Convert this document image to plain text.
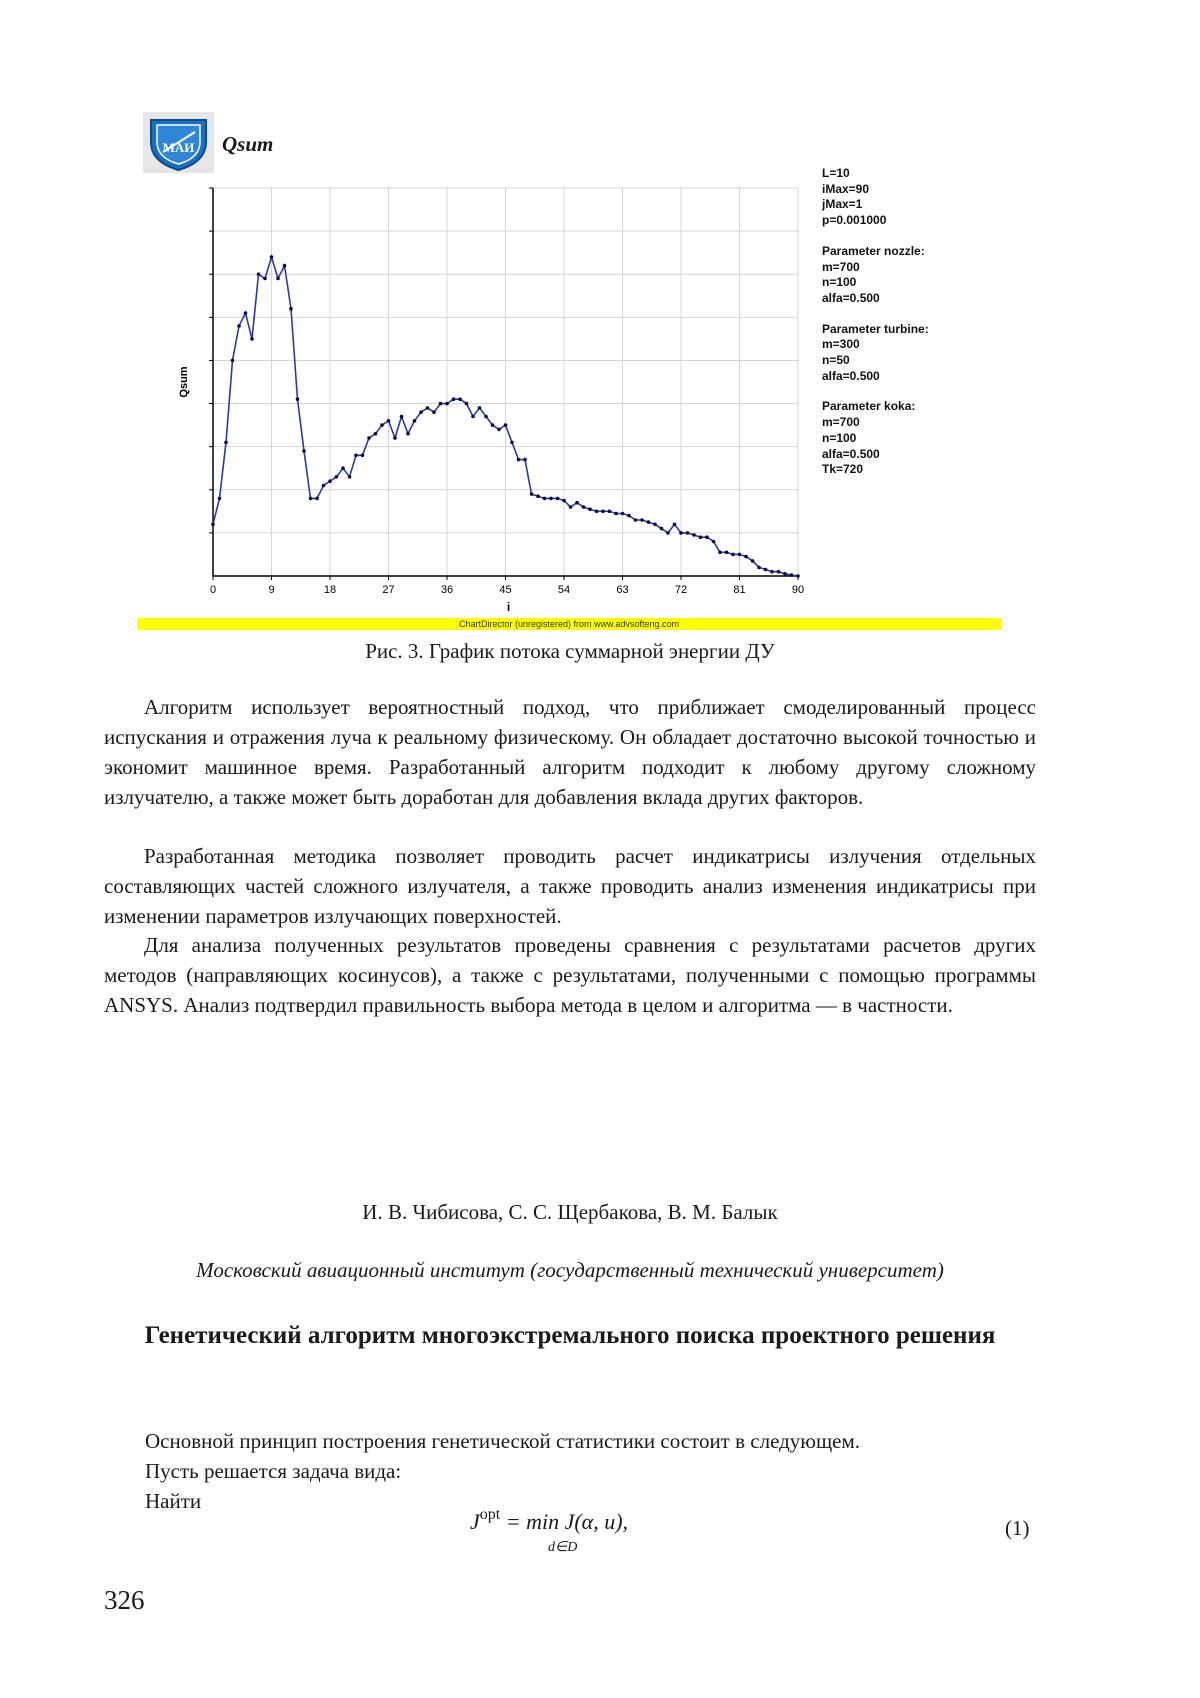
МАИ Qsum
0	9	18	27	36	45	54	63	72	81	90
i
Qsum
L=10
iMax=90
jMax=1
p=0.001000
Parameter nozzle:
m=700
n=100
alfa=0.500
Parameter turbine:
m=300
n=50
alfa=0.500
Parameter koka:
m=700
n=100
alfa=0.500
Tk=720
ChartDirector (unregistered) from www.advsofteng.com
Рис. 3. График потока суммарной энергии ДУ

Алгоритм использует вероятностный подход, что приближает смоделированный процесс испускания и отражения луча к реальному физическому. Он обладает достаточно высокой точностью и экономит машинное время. Разработанный алгоритм подходит к любому другому сложному излучателю, а также может быть доработан для добавления вклада других факторов.

Разработанная методика позволяет проводить расчет индикатрисы излучения отдельных составляющих частей сложного излучателя, а также проводить анализ изменения индикатрисы при изменении параметров излучающих поверхностей.

Для анализа полученных результатов проведены сравнения с результатами расчетов других методов (направляющих косинусов), а также с результатами, полученными с помощью программы ANSYS. Анализ подтвердил правильность выбора метода в целом и алгоритма — в частности.

И. В. Чибисова, С. С. Щербакова, В. М. Балык
Московский авиационный институт (государственный технический университет)
Генетический алгоритм многоэкстремального поиска проектного решения
Основной принцип построения генетической статистики состоит в следующем.
Пусть решается задача вида:
Найти
$J^{opt} = \min J(\alpha$, u),
d∈D
(1)
326
